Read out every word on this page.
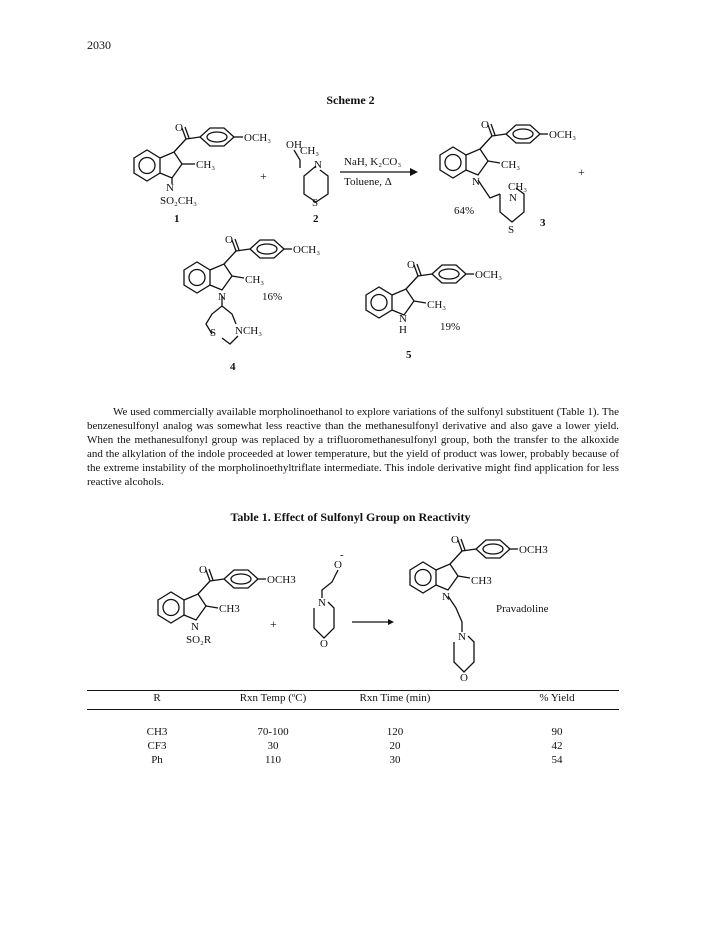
2030
Scheme 2
OCH₃
O
CH₃
N
SO₂CH₃
1
+
OH
CH₃
N
S
2
NaH, K₂CO₃
Toluene, Δ
OCH₃
O
CH₃
N	CH₃
N
S
64%
3
+
OCH₃
O
CH₃
N	16%
S NCH₃
4
OCH₃
O
CH₃
N
H	19%
5

We used commercially available morpholinoethanol to explore variations of the sulfonyl substituent (Table 1). The benzenesulfonyl analog was somewhat less reactive than the methanesulfonyl derivative and also gave a lower yield. When the methanesulfonyl group was replaced by a trifluoromethanesulfonyl group, both the transfer to the alkoxide and the alkylation of the indole proceeded at lower temperature, but the yield of product was lower, probably because of the extreme instability of the morpholinoethyltriflate intermediate. This indole derivative might find application for less reactive alcohols.

Table 1. Effect of Sulfonyl Group on Reactivity
OCH3
O
CH3
N
SO₂R
+
O
-
N
O
OCH3
O
CH3
N
Pravadoline
N
O
R	Rxn Temp (ºC)	Rxn Time (min)	% Yield
CH3	70-100	120	90
CF3	30	20	42
Ph	110	30	54
